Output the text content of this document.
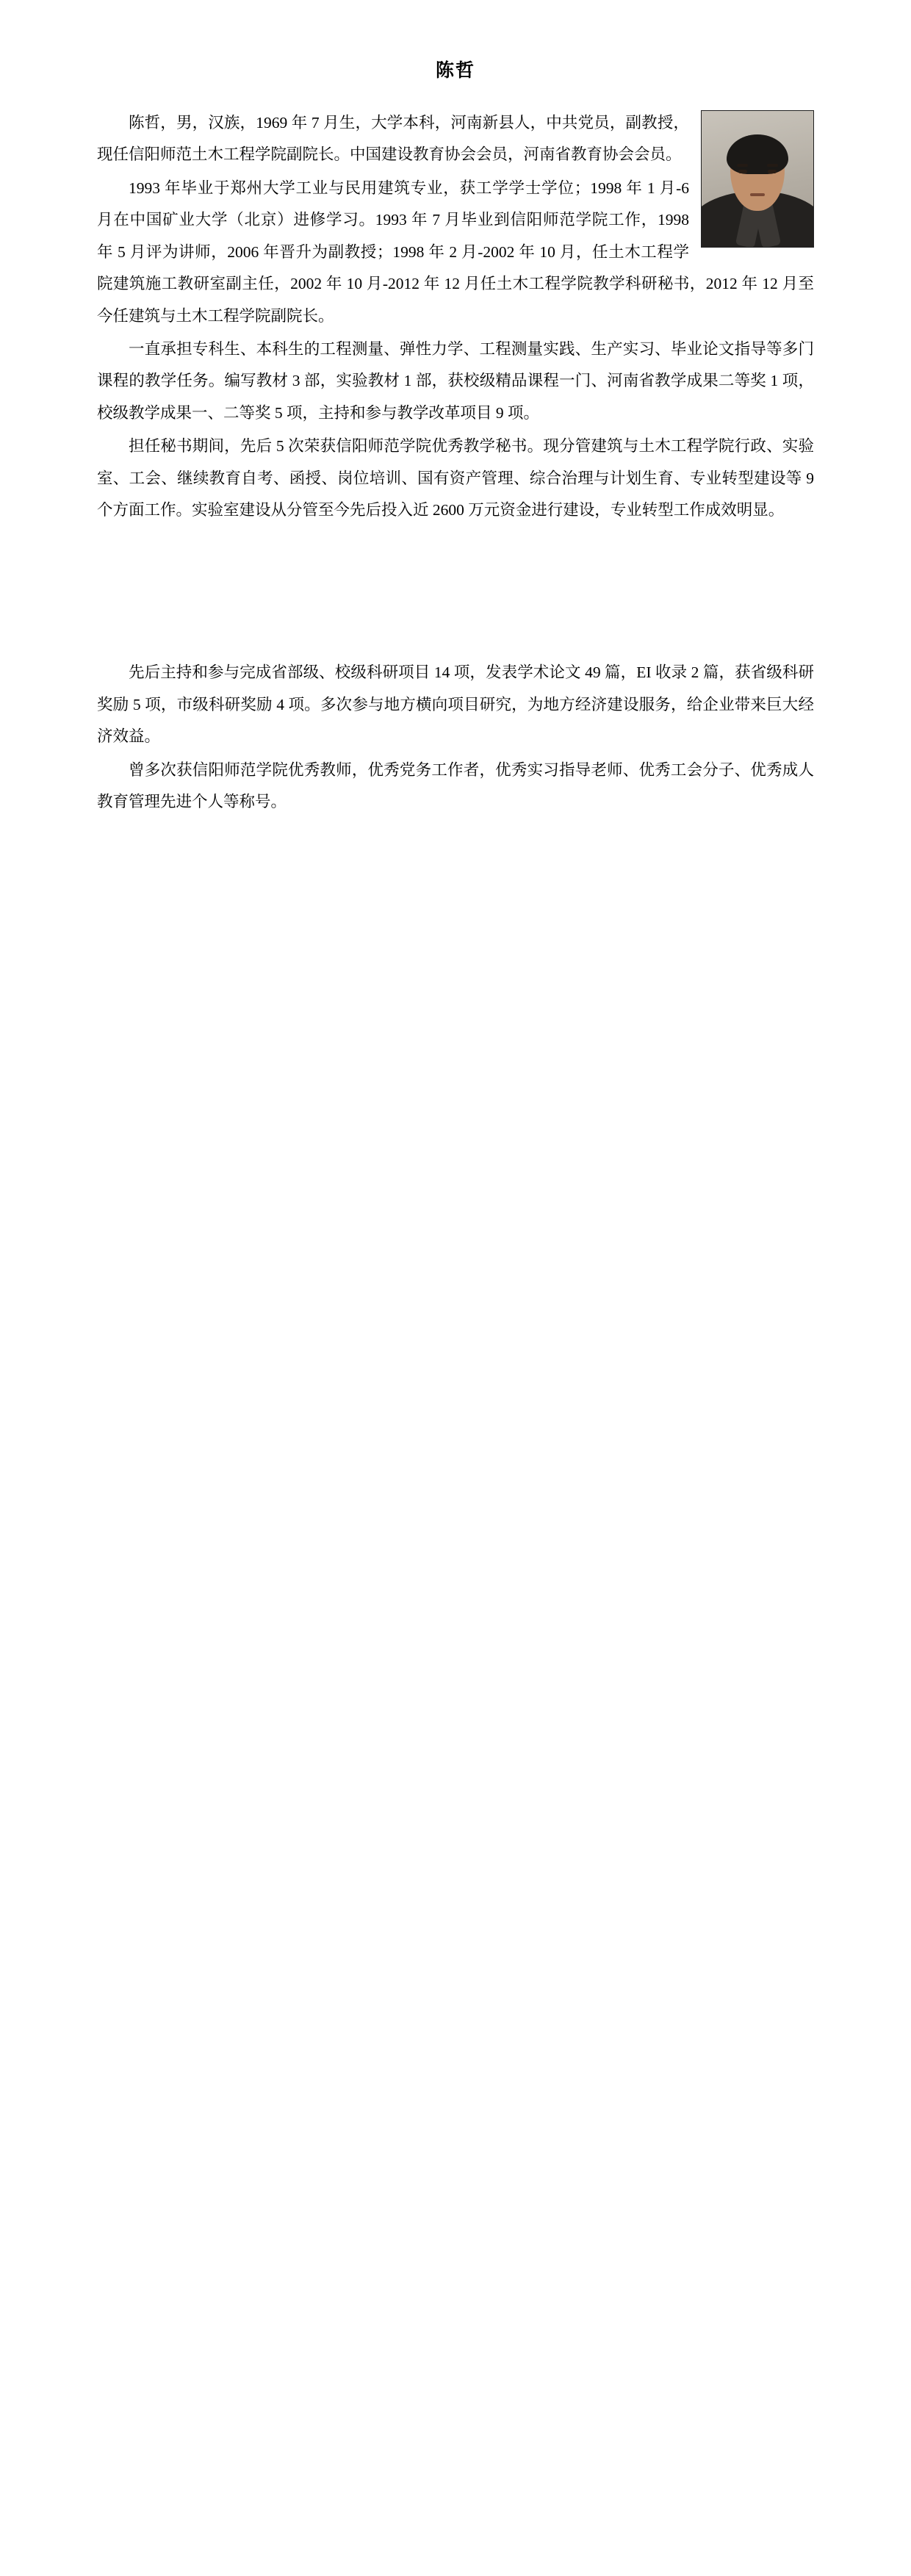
陈哲

陈哲，男，汉族，1969 年 7 月生，大学本科，河南新县人，中共党员，副教授，现任信阳师范土木工程学院副院长。中国建设教育协会会员，河南省教育协会会员。

1993 年毕业于郑州大学工业与民用建筑专业，获工学学士学位；1998 年 1 月-6 月在中国矿业大学（北京）进修学习。1993 年 7 月毕业到信阳师范学院工作，1998 年 5 月评为讲师，2006 年晋升为副教授；1998 年 2 月-2002 年 10 月，任土木工程学院建筑施工教研室副主任，2002 年 10 月-2012 年 12 月任土木工程学院教学科研秘书，2012 年 12 月至今任建筑与土木工程学院副院长。

一直承担专科生、本科生的工程测量、弹性力学、工程测量实践、生产实习、毕业论文指导等多门课程的教学任务。编写教材 3 部，实验教材 1 部，获校级精品课程一门、河南省教学成果二等奖 1 项，校级教学成果一、二等奖 5 项，主持和参与教学改革项目 9 项。

担任秘书期间，先后 5 次荣获信阳师范学院优秀教学秘书。现分管建筑与土木工程学院行政、实验室、工会、继续教育自考、函授、岗位培训、国有资产管理、综合治理与计划生育、专业转型建设等 9 个方面工作。实验室建设从分管至今先后投入近 2600 万元资金进行建设，专业转型工作成效明显。

先后主持和参与完成省部级、校级科研项目 14 项，发表学术论文 49 篇，EI 收录 2 篇，获省级科研奖励 5 项，市级科研奖励 4 项。多次参与地方横向项目研究，为地方经济建设服务，给企业带来巨大经济效益。

曾多次获信阳师范学院优秀教师，优秀党务工作者，优秀实习指导老师、优秀工会分子、优秀成人教育管理先进个人等称号。
